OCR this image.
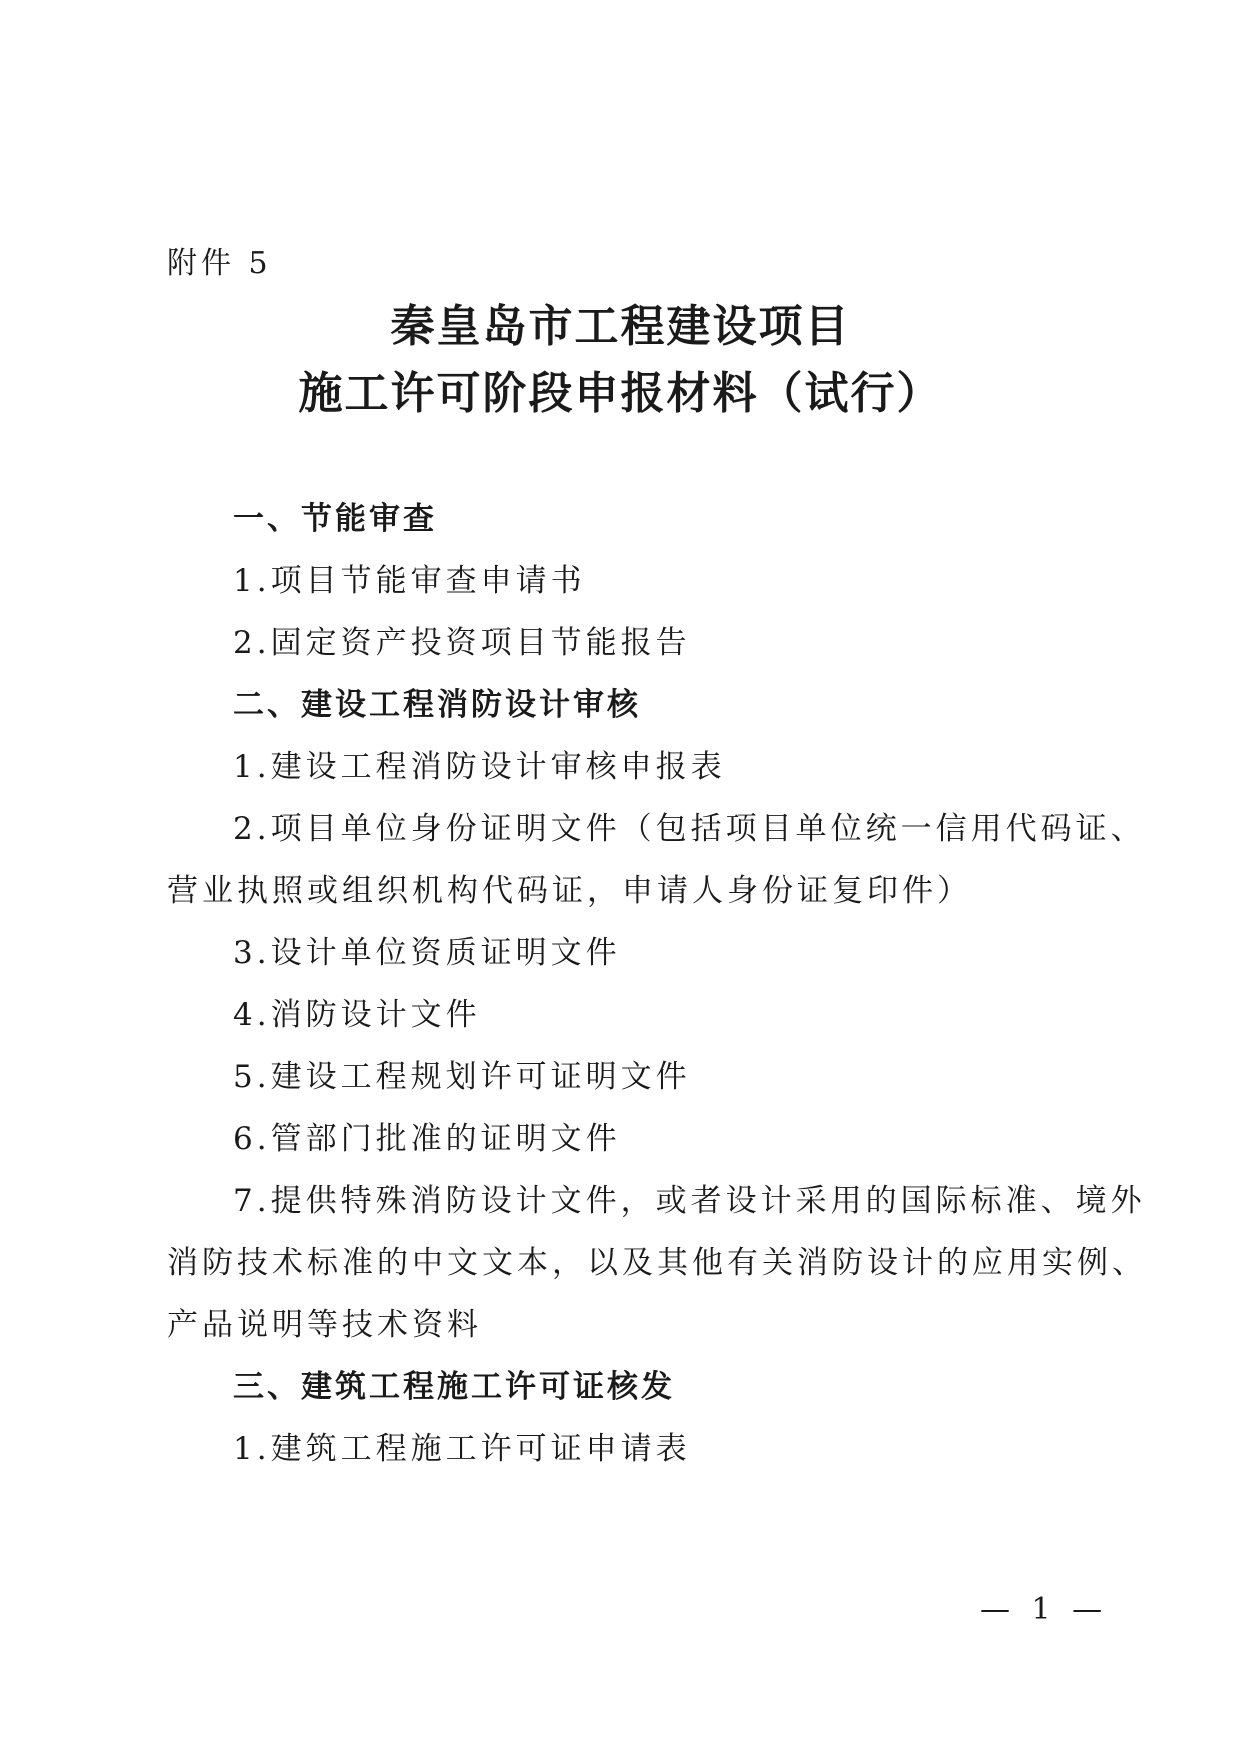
附件 5
秦皇岛市工程建设项目
施工许可阶段申报材料（试行）
一、节能审查
1.项目节能审查申请书
2.固定资产投资项目节能报告
二、建设工程消防设计审核
1.建设工程消防设计审核申报表
2.项目单位身份证明文件（包括项目单位统一信用代码证、
营业执照或组织机构代码证，申请人身份证复印件）
3.设计单位资质证明文件
4.消防设计文件
5.建设工程规划许可证明文件
6.管部门批准的证明文件
7.提供特殊消防设计文件，或者设计采用的国际标准、境外
消防技术标准的中文文本，以及其他有关消防设计的应用实例、
产品说明等技术资料
三、建筑工程施工许可证核发
1.建筑工程施工许可证申请表
— 1 —
